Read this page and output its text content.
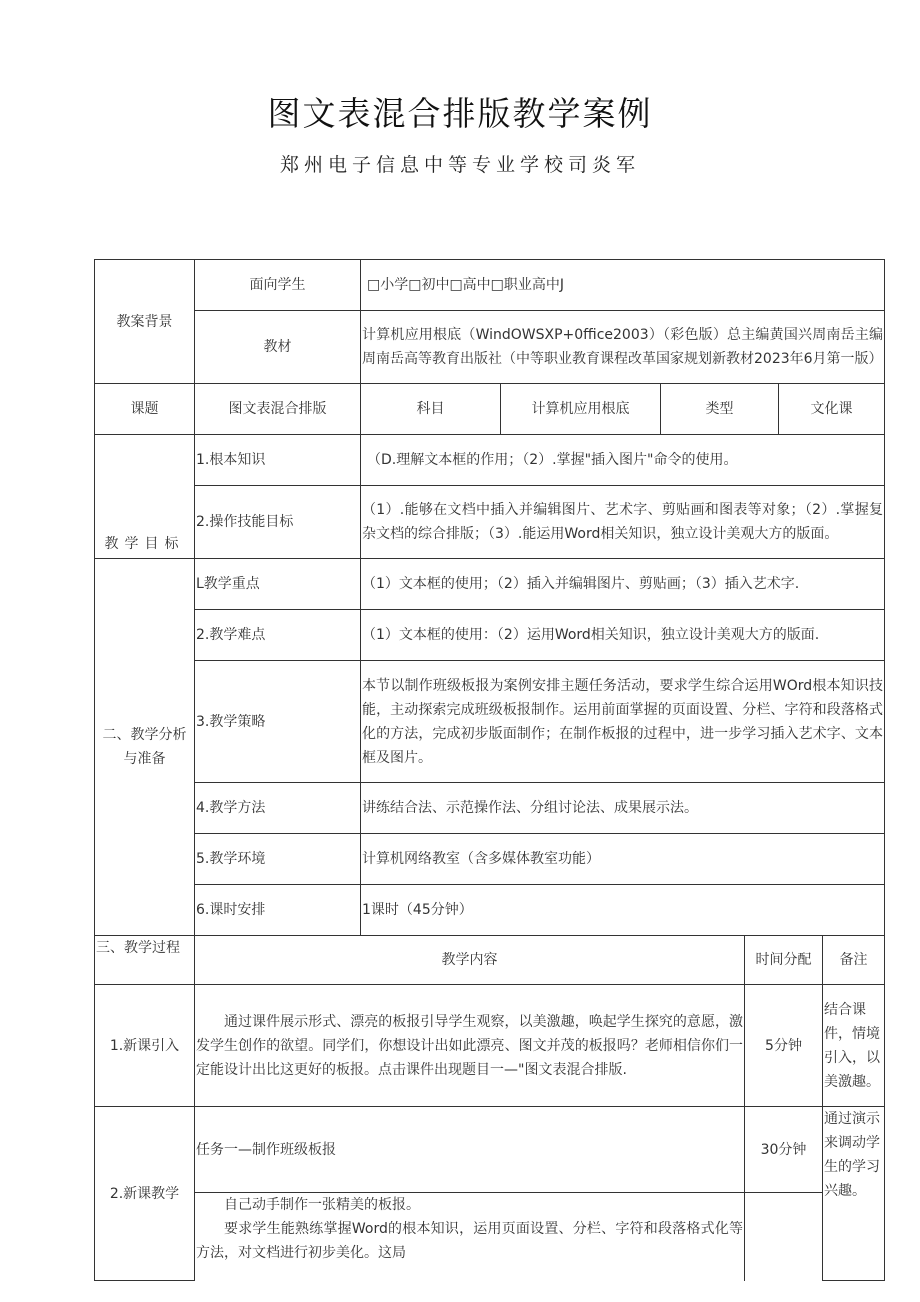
图文表混合排版教学案例
郑州电子信息中等专业学校司炎军
教案背景	面向学生	□小学□初中□高中□职业高中J					
	教材	计算机应用根底（WindOWSXP+0ffice2003）（彩色版）总主编黄国兴周南岳主编周南岳高等教育出版社（中等职业教育课程改革国家规划新教材2023年6月第一版）					
课题	图文表混合排版	科目	计算机应用根底	类型		文化课	
教学目标	1.根本知识	（D.理解文本框的作用；（2）.掌握"插入图片"命令的使用。					
	2.操作技能目标	（1）.能够在文档中插入并编辑图片、艺术字、剪贴画和图表等对象；（2）.掌握复杂文档的综合排版；（3）.能运用Word相关知识，独立设计美观大方的版面。					
二、教学分析与准备	L教学重点	（1）文本框的使用；（2）插入并编辑图片、剪贴画；（3）插入艺术字.					
	2.教学难点	（1）文本框的使用：（2）运用Word相关知识，独立设计美观大方的版面.					
	3.教学策略	本节以制作班级板报为案例安排主题任务活动，要求学生综合运用WOrd根本知识技能，主动探索完成班级板报制作。运用前面掌握的页面设置、分栏、字符和段落格式化的方法，完成初步版面制作；在制作板报的过程中，进一步学习插入艺术字、文本框及图片。					
	4.教学方法	讲练结合法、示范操作法、分组讨论法、成果展示法。					
	5.教学环境	计算机网络教室（含多媒体教室功能）					
	6.课时安排	1课时（45分钟）					
三、教学过程	教学内容				时间分配		备注
1.新课引入	通过课件展示形式、漂亮的板报引导学生观察，以美激趣，唤起学生探究的意愿，激发学生创作的欲望。同学们，你想设计出如此漂亮、图文并茂的板报吗？老师相信你们一定能设计出比这更好的板报。点击课件出现题目一—"图文表混合排版.				5分钟		结合课件，情境引入，以美激趣。
2.新课教学	任务一—制作班级板报				30分钟		通过演示来调动学生的学习兴趣。

	自己动手制作一张精美的板报。
要求学生能熟练掌握Word的根本知识，运用页面设置、分栏、字符和段落格式化等方法，对文档进行初步美化。这局						
